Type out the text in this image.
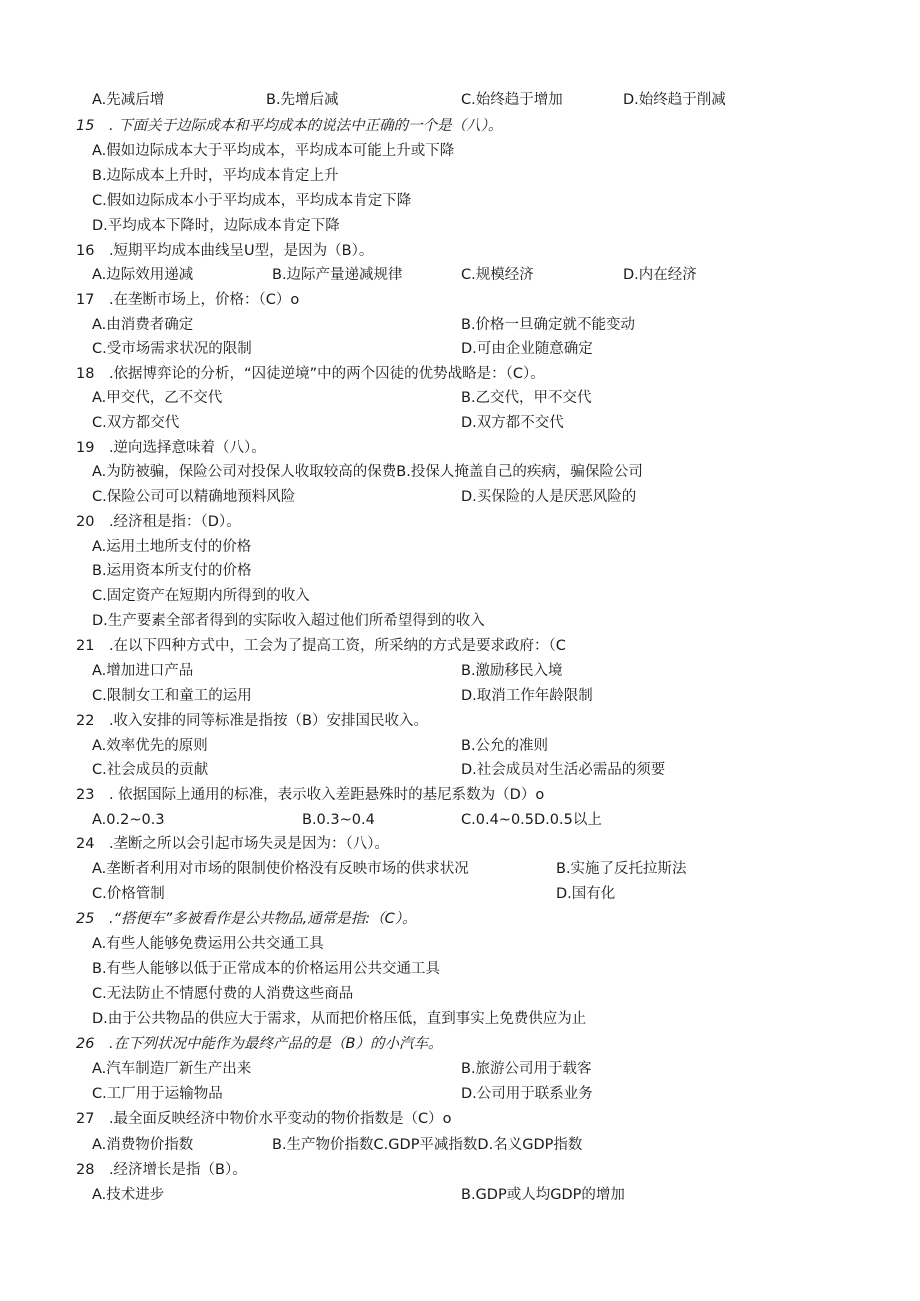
A.先减后增	B.先增后减	C.始终趋于增加	D.始终趋于削减
15　. 下面关于边际成本和平均成本的说法中正确的一个是（八）。
A.假如边际成本大于平均成本，平均成本可能上升或下降
B.边际成本上升时，平均成本肯定上升
C.假如边际成本小于平均成本，平均成本肯定下降
D.平均成本下降时，边际成本肯定下降
16　.短期平均成本曲线呈U型，是因为（B）。
A.边际效用递减	B.边际产量递减规律	C.规模经济	D.内在经济
17　.在垄断市场上，价格：（C）o
A.由消费者确定	B.价格一旦确定就不能变动
C.受市场需求状况的限制	D.可由企业随意确定
18　.依据博弈论的分析，“囚徒逆境”中的两个囚徒的优势战略是：（C）。
A.甲交代，乙不交代	B.乙交代，甲不交代
C.双方都交代	D.双方都不交代
19　.逆向选择意味着（八）。
A.为防被骗，保险公司对投保人收取较高的保费B.投保人掩盖自己的疾病，骗保险公司
C.保险公司可以精确地预料风险	D.买保险的人是厌恶风险的
20　.经济租是指：（D）。
A.运用土地所支付的价格
B.运用资本所支付的价格
C.固定资产在短期内所得到的收入
D.生产要素全部者得到的实际收入超过他们所希望得到的收入
21　.在以下四种方式中，工会为了提高工资，所采纳的方式是要求政府：（C
A.增加进口产品	B.激励移民入境
C.限制女工和童工的运用	D.取消工作年龄限制
22　.收入安排的同等标准是指按（B）安排国民收入。
A.效率优先的原则	B.公允的准则
C.社会成员的贡献	D.社会成员对生活必需品的须要
23　. 依据国际上通用的标准，表示收入差距悬殊时的基尼系数为（D）o
A.0.2~0.3	B.0.3~0.4	C.0.4~0.5D.0.5以上
24　.垄断之所以会引起市场失灵是因为：（八）。
A.垄断者利用对市场的限制使价格没有反映市场的供求状况	B.实施了反托拉斯法
C.价格管制	D.国有化
25　.“搭便车”多被看作是公共物品,通常是指:（C）。
A.有些人能够免费运用公共交通工具
B.有些人能够以低于正常成本的价格运用公共交通工具
C.无法防止不情愿付费的人消费这些商品
D.由于公共物品的供应大于需求，从而把价格压低，直到事实上免费供应为止
26　.在下列状况中能作为最终产品的是（B）的小汽车。
A.汽车制造厂新生产出来	B.旅游公司用于载客
C.工厂用于运输物品	D.公司用于联系业务
27　.最全面反映经济中物价水平变动的物价指数是（C）o
A.消费物价指数	B.生产物价指数C.GDP平减指数D.名义GDP指数
28　.经济增长是指（B）。
A.技术进步	B.GDP或人均GDP的增加
